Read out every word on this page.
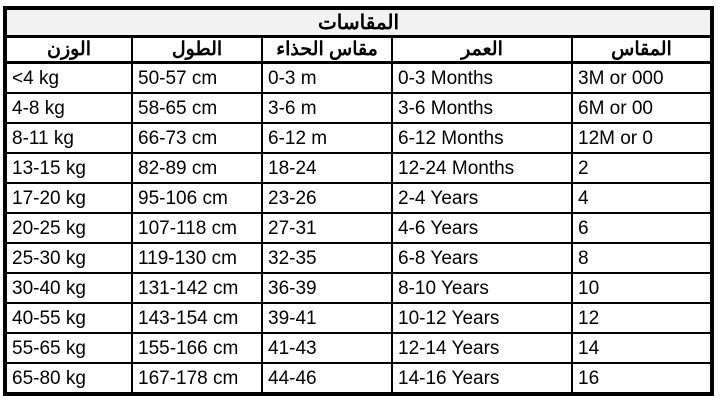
المقاسات				
الوزن	الطول	مقاس الحذاء	العمر	المقاس
<4 kg	50-57 cm	0-3 m	0-3 Months	3M or 000
4-8 kg	58-65 cm	3-6 m	3-6 Months	6M or 00
8-11 kg	66-73 cm	6-12 m	6-12 Months	12M or 0
13-15 kg	82-89 cm	18-24	12-24 Months	2
17-20 kg	95-106 cm	23-26	2-4 Years	4
20-25 kg	107-118 cm	27-31	4-6 Years	6
25-30 kg	119-130 cm	32-35	6-8 Years	8
30-40 kg	131-142 cm	36-39	8-10 Years	10
40-55 kg	143-154 cm	39-41	10-12 Years	12
55-65 kg	155-166 cm	41-43	12-14 Years	14
65-80 kg	167-178 cm	44-46	14-16 Years	16
